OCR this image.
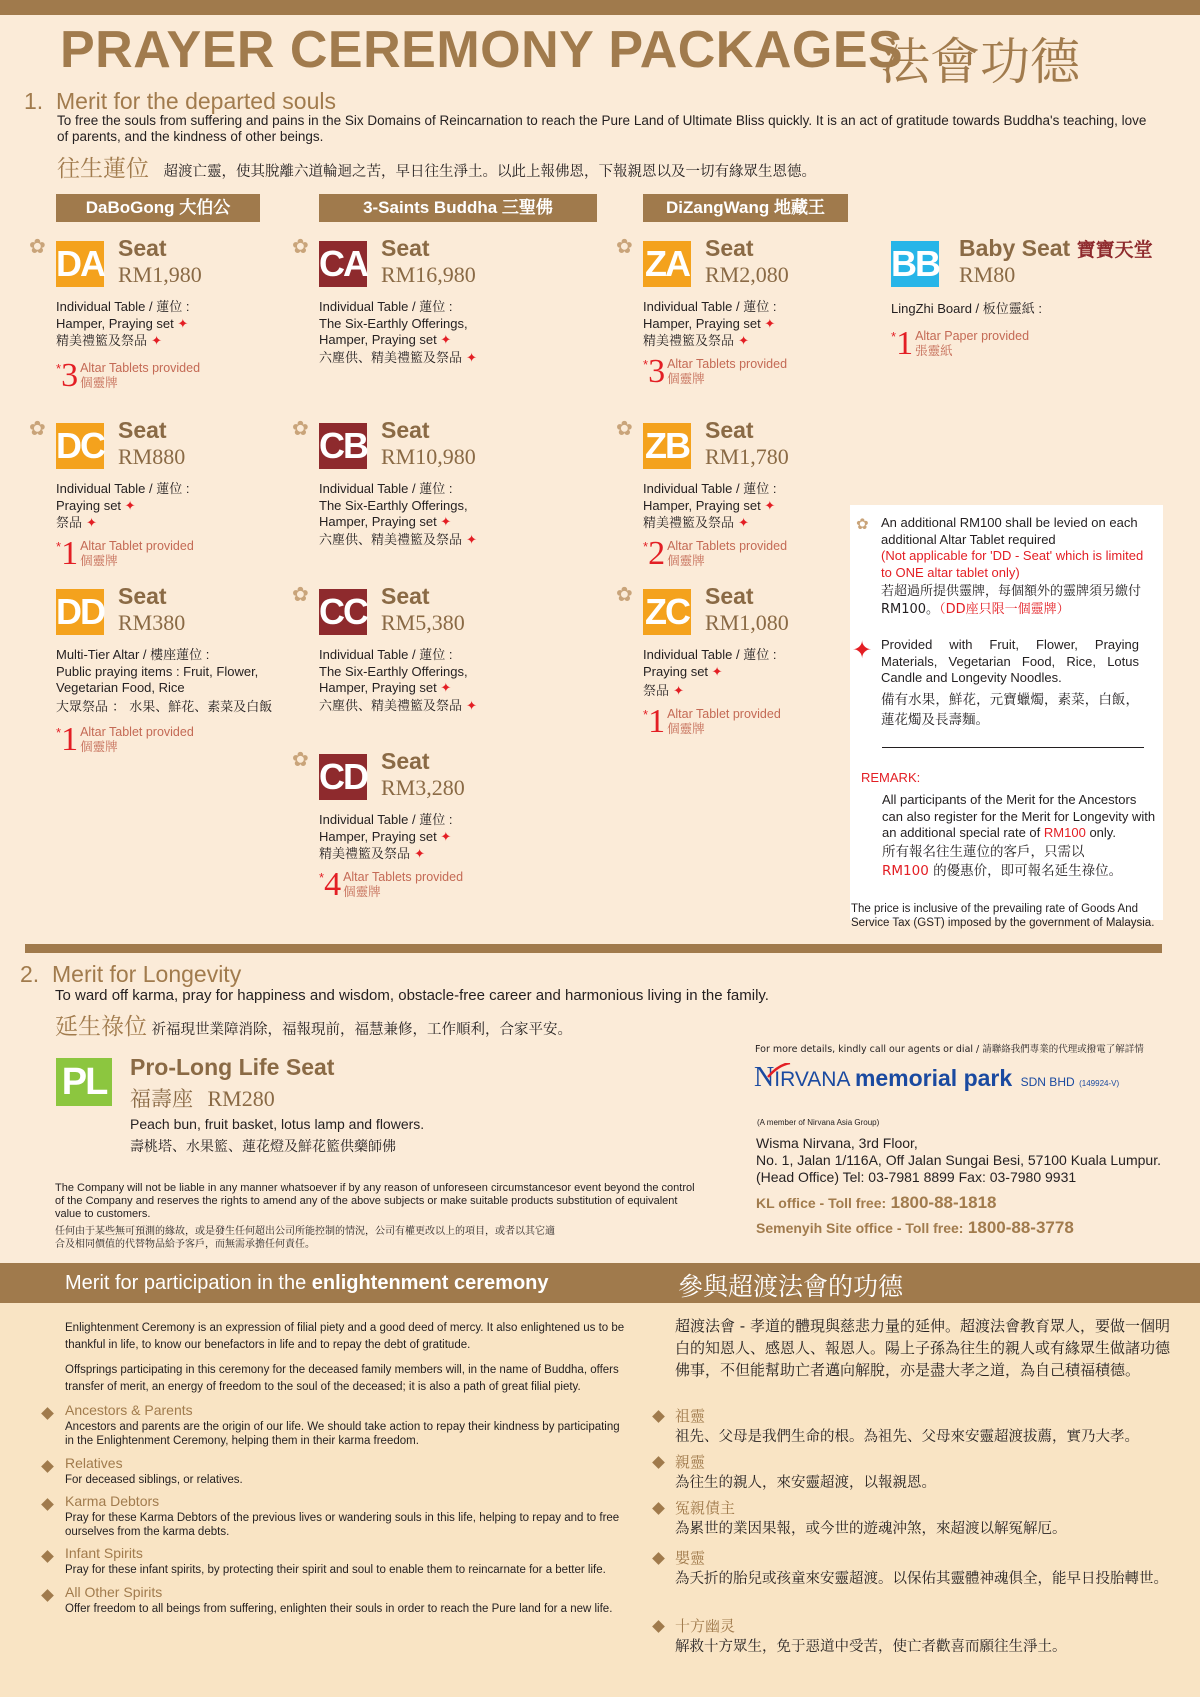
PRAYER CEREMONY PACKAGES
法會功德
1. Merit for the departed souls
To free the souls from suffering and pains in the Six Domains of Reincarnation to reach the Pure Land of Ultimate Bliss quickly. It is an act of gratitude towards Buddha's teaching, love of parents, and the kindness of other beings.
往生蓮位 超渡亡靈，使其脫離六道輪迴之苦，早日往生淨土。以此上報佛恩，下報親恩以及一切有緣眾生恩德。
DaBoGong 大伯公	3-Saints Buddha 三聖佛	DiZangWang 地藏王
✿ DA Seat
RM1,980
Individual Table / 蓮位 :
Hamper, Praying set ✦
精美禮籃及祭品 ✦
*3 Altar Tablets provided
個靈牌
✿ DC Seat
RM880
Individual Table / 蓮位 :
Praying set ✦
祭品 ✦
*1 Altar Tablet provided
個靈牌
DD Seat
RM380
Multi-Tier Altar / 樓座蓮位 :
Public praying items : Fruit, Flower,
Vegetarian Food, Rice
大眾祭品 ： 水果、鮮花、素菜及白飯
*1 Altar Tablet provided
個靈牌
✿ CA Seat
RM16,980
Individual Table / 蓮位 :
The Six-Earthly Offerings,
Hamper, Praying set ✦
六塵供、精美禮籃及祭品 ✦
✿ CB Seat
RM10,980
Individual Table / 蓮位 :
The Six-Earthly Offerings,
Hamper, Praying set ✦
六塵供、精美禮籃及祭品 ✦
✿ CC Seat
RM5,380
Individual Table / 蓮位 :
The Six-Earthly Offerings,
Hamper, Praying set ✦
六塵供、精美禮籃及祭品 ✦
✿ CD Seat
RM3,280
Individual Table / 蓮位 :
Hamper, Praying set ✦
精美禮籃及祭品 ✦
*4 Altar Tablets provided
個靈牌
✿ ZA Seat
RM2,080
Individual Table / 蓮位 :
Hamper, Praying set ✦
精美禮籃及祭品 ✦
*3 Altar Tablets provided
個靈牌
✿ ZB Seat
RM1,780
Individual Table / 蓮位 :
Hamper, Praying set ✦
精美禮籃及祭品 ✦
*2 Altar Tablets provided
個靈牌
✿ ZC Seat
RM1,080
Individual Table / 蓮位 :
Praying set ✦
祭品 ✦
*1 Altar Tablet provided
個靈牌
BB Baby Seat 寶寶天堂
RM80
LingZhi Board / 板位靈紙 :
*1 Altar Paper provided
張靈紙
✿ An additional RM100 shall be levied on each additional Altar Tablet required
(Not applicable for 'DD - Seat' which is limited to ONE altar tablet only)
若超過所提供靈牌，每個額外的靈牌須另繳付 RM100。（DD座只限一個靈牌）
✦ Provided with Fruit, Flower, Praying Materials, Vegetarian Food, Rice, Lotus Candle and Longevity Noodles.
備有水果，鮮花，元寶蠟燭，素菜，白飯，蓮花燭及長壽麵。
REMARK:
All participants of the Merit for the Ancestors can also register for the Merit for Longevity with an additional special rate of RM100 only.
所有報名往生蓮位的客戶，只需以
RM100 的優惠价，即可報名延生祿位。
The price is inclusive of the prevailing rate of Goods And Service Tax (GST) imposed by the government of Malaysia.
2. Merit for Longevity
To ward off karma, pray for happiness and wisdom, obstacle-free career and harmonious living in the family.
延生祿位 祈福現世業障消除，福報現前，福慧兼修，工作順利，合家平安。
PL Pro-Long Life Seat
福壽座 RM280
Peach bun, fruit basket, lotus lamp and flowers.
壽桃塔、水果籃、蓮花燈及鮮花籃供藥師佛
The Company will not be liable in any manner whatsoever if by any reason of unforeseen circumstancesor event beyond the control of the Company and reserves the rights to amend any of the above subjects or make suitable products substitution of equivalent value to customers.
任何由于某些無可預測的緣故，或是發生任何超出公司所能控制的情況，公司有權更改以上的項目，或者以其它適合及相同價值的代替物品給予客戶，而無需承擔任何責任。
For more details, kindly call our agents or dial / 請聯絡我們專業的代理或撥電了解詳情
NIRVANA memorial park SDN BHD (149924-V)
(A member of Nirvana Asia Group)
Wisma Nirvana, 3rd Floor,
No. 1, Jalan 1/116A, Off Jalan Sungai Besi, 57100 Kuala Lumpur.
(Head Office) Tel: 03-7981 8899 Fax: 03-7980 9931
KL office - Toll free: 1800-88-1818
Semenyih Site office - Toll free: 1800-88-3778
Merit for participation in the enlightenment ceremony	參與超渡法會的功德
Enlightenment Ceremony is an expression of filial piety and a good deed of mercy. It also enlightened us to be thankful in life, to know our benefactors in life and to repay the debt of gratitude.
Offsprings participating in this ceremony for the deceased family members will, in the name of Buddha, offers transfer of merit, an energy of freedom to the soul of the deceased; it is also a path of great filial piety.
Ancestors & Parents
Ancestors and parents are the origin of our life. We should take action to repay their kindness by participating in the Enlightenment Ceremony, helping them in their karma freedom.
Relatives
For deceased siblings, or relatives.
Karma Debtors
Pray for these Karma Debtors of the previous lives or wandering souls in this life, helping to repay and to free ourselves from the karma debts.
Infant Spirits
Pray for these infant spirits, by protecting their spirit and soul to enable them to reincarnate for a better life.
All Other Spirits
Offer freedom to all beings from suffering, enlighten their souls in order to reach the Pure land for a new life.
超渡法會 - 孝道的體現與慈悲力量的延伸。超渡法會教育眾人，要做一個明白的知恩人、感恩人、報恩人。陽上子孫為往生的親人或有緣眾生做諸功德佛事，不但能幫助亡者邁向解脫，亦是盡大孝之道，為自己積福積德。
祖靈
祖先、父母是我們生命的根。為祖先、父母來安靈超渡拔薦，實乃大孝。
親靈
為往生的親人，來安靈超渡，以報親恩。
冤親債主
為累世的業因果報，或今世的遊魂沖煞，來超渡以解冤解厄。
嬰靈
為夭折的胎兒或孩童來安靈超渡。以保佑其靈體神魂俱全，能早日投胎轉世。
十方幽灵
解救十方眾生，免于惡道中受苦，使亡者歡喜而願往生淨土。
